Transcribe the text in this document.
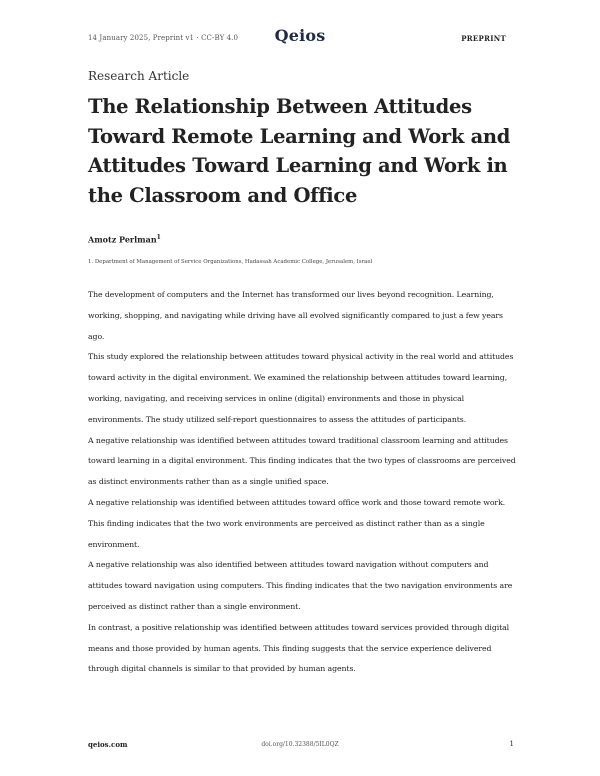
14 January 2025, Preprint v1 · CC-BY 4.0	Qeios	PREPRINT
Research Article
The Relationship Between Attitudes Toward Remote Learning and Work and Attitudes Toward Learning and Work in the Classroom and Office
Amotz Perlman$^1$
1. Department of Management of Service Organizations, Hadassah Academic College, Jerusalem, Israel

The development of computers and the Internet has transformed our lives beyond recognition. Learning, working, shopping, and navigating while driving have all evolved significantly compared to just a few years ago.

This study explored the relationship between attitudes toward physical activity in the real world and attitudes toward activity in the digital environment. We examined the relationship between attitudes toward learning, working, navigating, and receiving services in online (digital) environments and those in physical environments. The study utilized self-report questionnaires to assess the attitudes of participants.

A negative relationship was identified between attitudes toward traditional classroom learning and attitudes toward learning in a digital environment. This finding indicates that the two types of classrooms are perceived as distinct environments rather than as a single unified space.

A negative relationship was identified between attitudes toward office work and those toward remote work. This finding indicates that the two work environments are perceived as distinct rather than as a single environment.

A negative relationship was also identified between attitudes toward navigation without computers and attitudes toward navigation using computers. This finding indicates that the two navigation environments are perceived as distinct rather than a single environment.

In contrast, a positive relationship was identified between attitudes toward services provided through digital means and those provided by human agents. This finding suggests that the service experience delivered through digital channels is similar to that provided by human agents.

qeios.com	doi.org/10.32388/5IL0QZ	1
